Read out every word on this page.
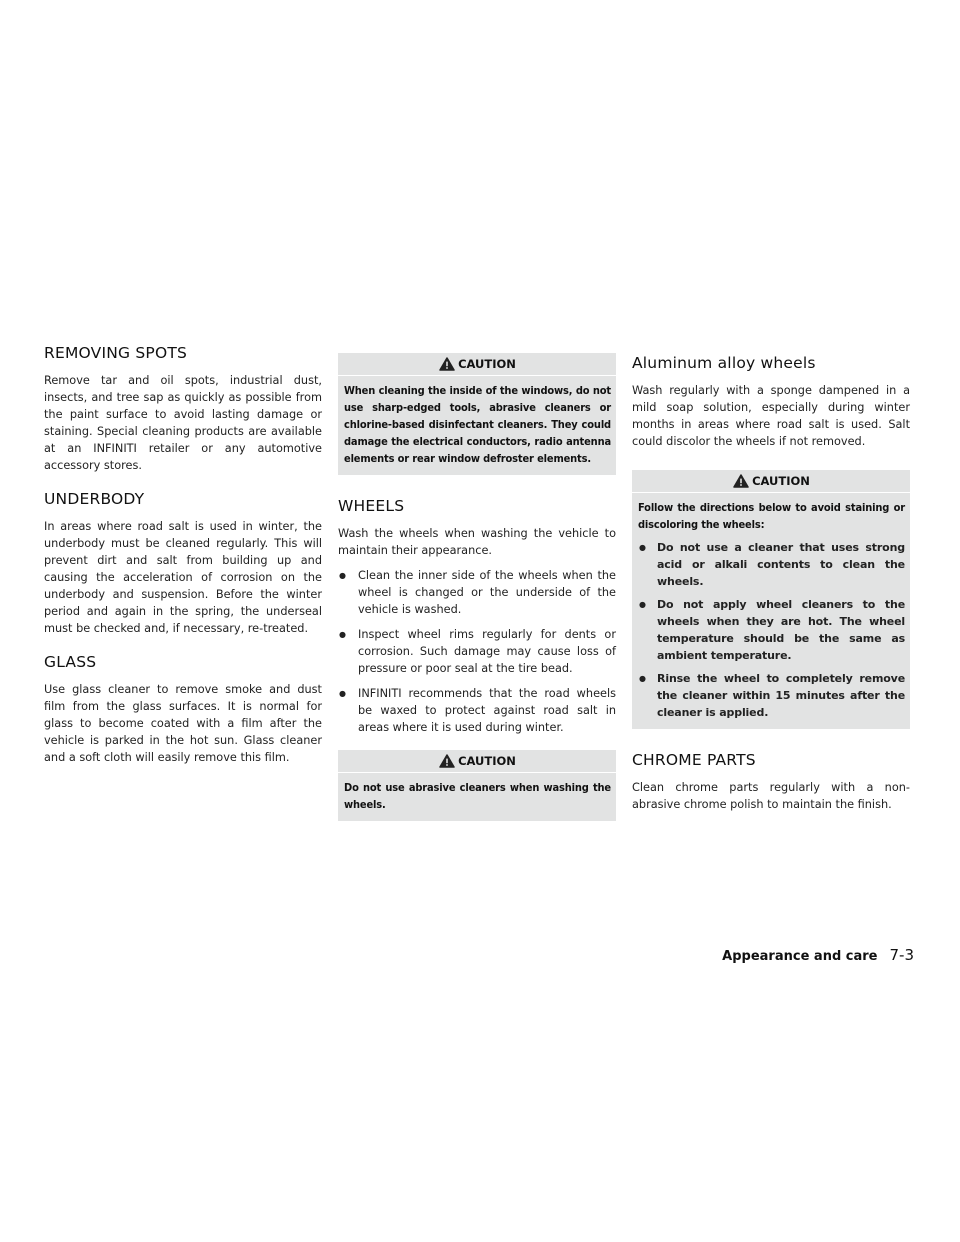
REMOVING SPOTS

Remove tar and oil spots, industrial dust, insects, and tree sap as quickly as possible from the paint surface to avoid lasting damage or staining. Special cleaning products are available at an INFINITI retailer or any automotive accessory stores.

UNDERBODY

In areas where road salt is used in winter, the underbody must be cleaned regularly. This will prevent dirt and salt from building up and causing the acceleration of corrosion on the underbody and suspension. Before the winter period and again in the spring, the underseal must be checked and, if necessary, re-treated.

GLASS

Use glass cleaner to remove smoke and dust film from the glass surfaces. It is normal for glass to become coated with a film after the vehicle is parked in the hot sun. Glass cleaner and a soft cloth will easily remove this film.

CAUTION

When cleaning the inside of the windows, do not use sharp-edged tools, abrasive cleaners or chlorine-based disinfectant cleaners. They could damage the electrical conductors, radio antenna elements or rear window defroster elements.

WHEELS

Wash the wheels when washing the vehicle to maintain their appearance.

● Clean the inner side of the wheels when the wheel is changed or the underside of the vehicle is washed.
● Inspect wheel rims regularly for dents or corrosion. Such damage may cause loss of pressure or poor seal at the tire bead.
● INFINITI recommends that the road wheels be waxed to protect against road salt in areas where it is used during winter.
CAUTION

Do not use abrasive cleaners when washing the wheels.

Aluminum alloy wheels

Wash regularly with a sponge dampened in a mild soap solution, especially during winter months in areas where road salt is used. Salt could discolor the wheels if not removed.

CAUTION

Follow the directions below to avoid staining or discoloring the wheels:

● Do not use a cleaner that uses strong acid or alkali contents to clean the wheels.
● Do not apply wheel cleaners to the wheels when they are hot. The wheel temperature should be the same as ambient temperature.
● Rinse the wheel to completely remove the cleaner within 15 minutes after the cleaner is applied.
CHROME PARTS

Clean chrome parts regularly with a non- abrasive chrome polish to maintain the finish.

Appearance and care 7-3
